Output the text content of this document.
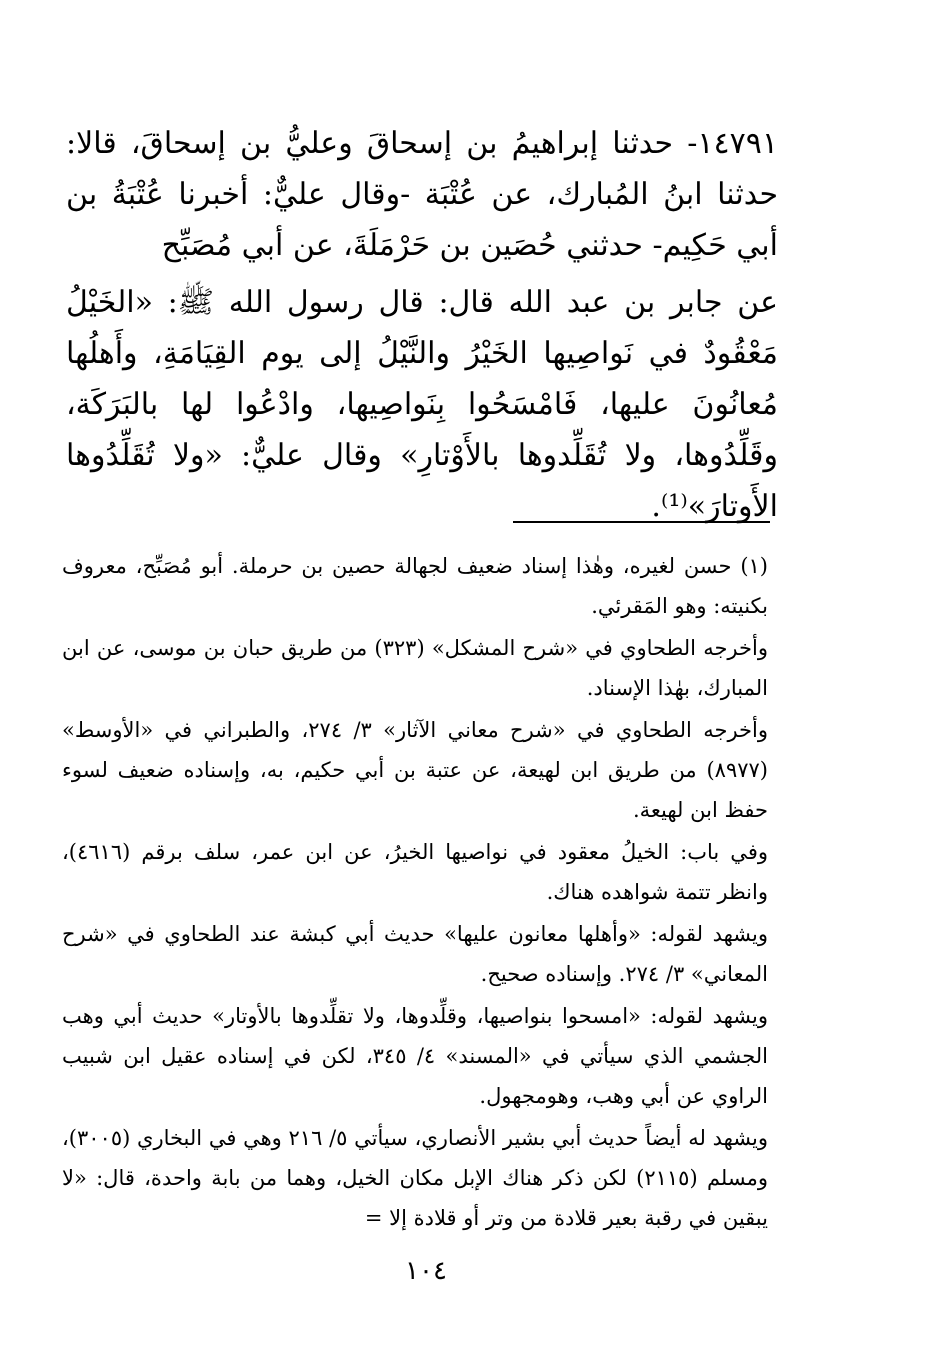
١٤٧٩١- حدثنا إبراهيمُ بن إسحاقَ وعليُّ بن إسحاقَ، قالا: حدثنا ابنُ المُبارك، عن عُتْبَة -وقال عليٌّ: أخبرنا عُتْبَةُ بن أبي حَكِيم- حدثني حُصَين بن حَرْمَلَةَ، عن أبي مُصَبِّح

عن جابر بن عبد الله قال: قال رسول الله ﷺ: «الخَيْلُ مَعْقُودٌ في نَواصِيها الخَيْرُ والنَّيْلُ إلى يوم القِيَامَةِ، وأَهلُها مُعانُونَ عليها، فَامْسَحُوا بِنَواصِيها، وادْعُوا لها بالبَرَكَة، وقَلِّدُوها، ولا تُقَلِّدوها بالأَوْتارِ» وقال عليٌّ: «ولا تُقَلِّدُوها الأَوتارَ»⁽¹⁾.

(١) حسن لغيره، وهٰذا إسناد ضعيف لجهالة حصين بن حرملة. أبو مُصَبِّح، معروف بكنيته: وهو المَقرئي.

وأخرجه الطحاوي في «شرح المشكل» (٣٢٣) من طريق حبان بن موسى، عن ابن المبارك، بهٰذا الإسناد.

وأخرجه الطحاوي في «شرح معاني الآثار» ٣/ ٢٧٤، والطبراني في «الأوسط» (٨٩٧٧) من طريق ابن لهيعة، عن عتبة بن أبي حكيم، به، وإسناده ضعيف لسوء حفظ ابن لهيعة.

وفي باب: الخيلُ معقود في نواصيها الخيرُ، عن ابن عمر، سلف برقم (٤٦١٦)، وانظر تتمة شواهده هناك.

ويشهد لقوله: «وأهلها معانون عليها» حديث أبي كبشة عند الطحاوي في «شرح المعاني» ٣/ ٢٧٤. وإسناده صحيح.

ويشهد لقوله: «امسحوا بنواصيها، وقلِّدوها، ولا تقلِّدوها بالأوتار» حديث أبي وهب الجشمي الذي سيأتي في «المسند» ٤/ ٣٤٥، لكن في إسناده عقيل ابن شبيب الراوي عن أبي وهب، وهومجهول.

ويشهد له أيضاً حديث أبي بشير الأنصاري، سيأتي ٥/ ٢١٦ وهي في البخاري (٣٠٠٥)، ومسلم (٢١١٥) لكن ذكر هناك الإبل مكان الخيل، وهما من بابة واحدة، قال: «لا يبقين في رقبة بعير قلادة من وتر أو قلادة إلا =

١٠٤
